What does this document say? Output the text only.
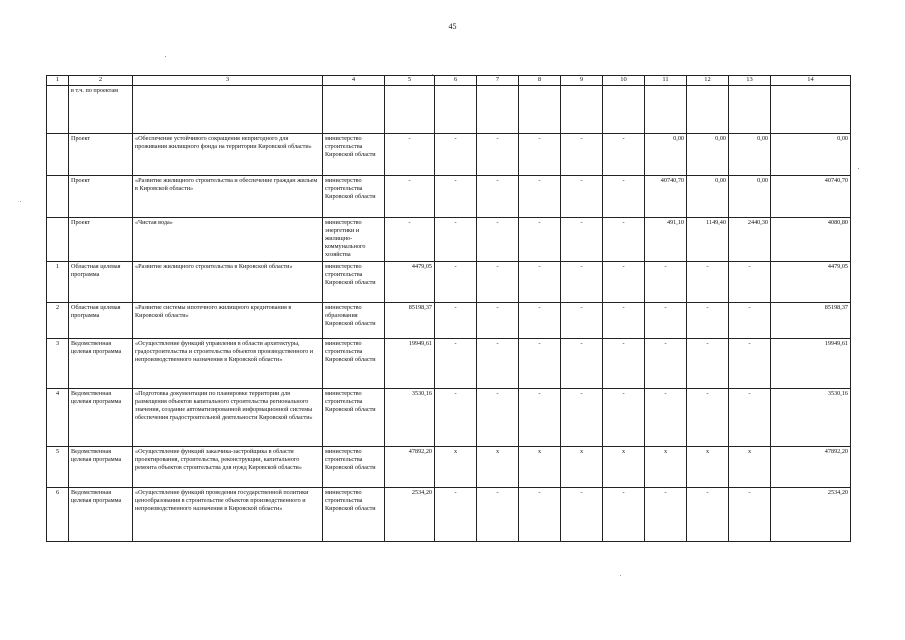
45
1	2	3	4	5	6	7	8	9	10	11	12	13	14
	в т.ч. по проектам												
	Проект	«Обеспечение устойчивого сокращения непригодного для проживания жилищного фонда на территории Кировской области»	министерство строительства Кировской области	-	-	-	-	-	-	0,00	0,00	0,00	0,00
	Проект	«Развитие жилищного строительства и обеспечение граждан жильем в Кировской области»	министерство строительства Кировской области	-	-	-	-	-	-	40740,70	0,00	0,00	40740,70
	Проект	«Чистая вода»	министерство энергетики и жилищно-коммунального хозяйства	-	-	-	-	-	-	491,10	1149,40	2440,30	4080,80
1	Областная целевая программа	«Развитие жилищного строительства в Кировской области»	министерство строительства Кировской области	4479,05	-	-	-	-	-	-	-	-	4479,05
2	Областная целевая программа	«Развитие системы ипотечного жилищного кредитования в Кировской области»	министерство образования Кировской области	85198,37	-	-	-	-	-	-	-	-	85198,37
3	Ведомственная целевая программа	«Осуществление функций управления в области архитектуры, градостроительства и строительства объектов производственного и непроизводственного назначения в Кировской области»	министерство строительства Кировской области	19949,61	-	-	-	-	-	-	-	-	19949,61
4	Ведомственная целевая программа	«Подготовка документации по планировке территории для размещения объектов капитального строительства регионального значения, создание автоматизированной информационной системы обеспечения градостроительной деятельности Кировской области»	министерство строительства Кировской области	3530,16	-	-	-	-	-	-	-	-	3530,16
5	Ведомственная целевая программа	«Осуществление функций заказчика-застройщика в области проектирования, строительства, реконструкции, капитального ремонта объектов строительства для нужд Кировской области»	министерство строительства Кировской области	47892,20	x	x	x	x	x	x	x	x	47892,20
6	Ведомственная целевая программа	«Осуществление функций проведения государственной политики ценообразования в строительстве объектов производственного и непроизводственного назначения в Кировской области»	министерство строительства Кировской области	2534,20	-	-	-	-	-	-	-	-	2534,20
